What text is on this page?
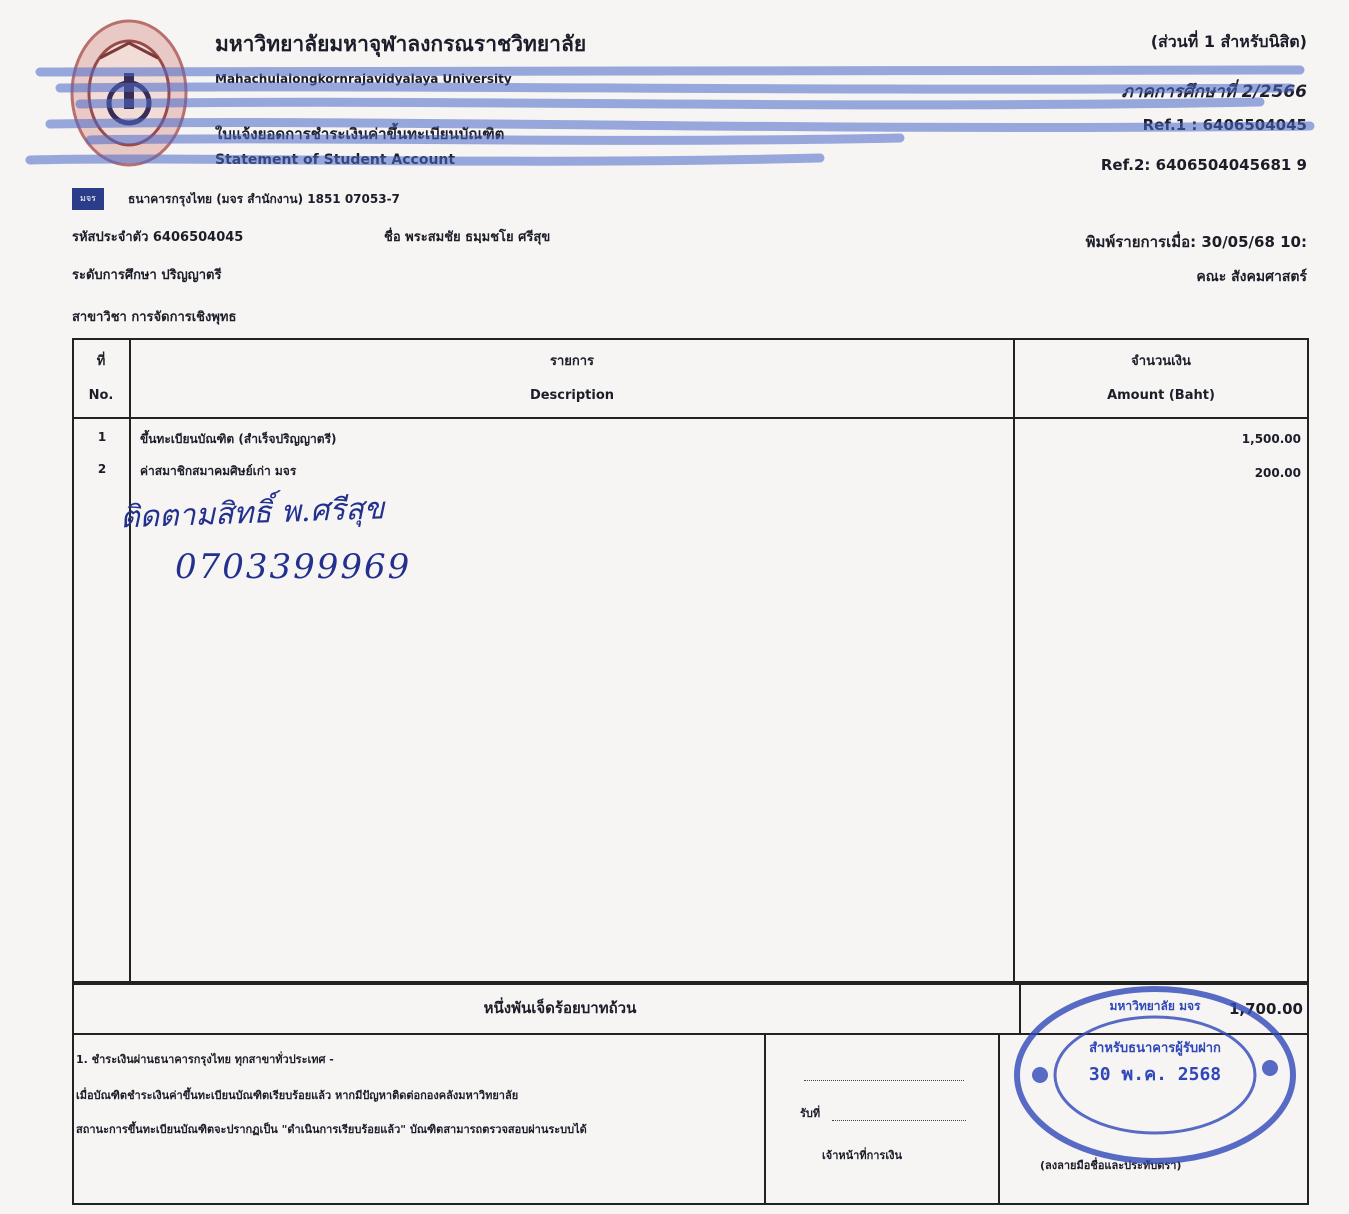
มหาวิทยาลัยมหาจุฬาลงกรณราชวิทยาลัย
Mahachulalongkornrajavidyalaya University
ใบแจ้งยอดการชำระเงินค่าขึ้นทะเบียนบัณฑิต
Statement of Student Account
(ส่วนที่ 1 สำหรับนิสิต)
ภาคการศึกษาที่ 2/2566
Ref.1 : 6406504045
Ref.2: 6406504045681 9
มจร	ธนาคารกรุงไทย (มจร สำนักงาน) 1851 07053-7
รหัสประจำตัว 6406504045	ชื่อ พระสมชัย ธมฺมชโย ศรีสุข	พิมพ์รายการเมื่อ: 30/05/68 10:
ระดับการศึกษา ปริญญาตรี	คณะ สังคมศาสตร์
สาขาวิชา การจัดการเชิงพุทธ
ที่
No.
รายการ
Description
จำนวนเงิน
Amount (Baht)
1	ขึ้นทะเบียนบัณฑิต (สำเร็จปริญญาตรี)	1,500.00
2	ค่าสมาชิกสมาคมศิษย์เก่า มจร	200.00
ติดตามสิทธิ์ พ.ศรีสุข
0703399969
หนึ่งพันเจ็ดร้อยบาทถ้วน	1,700.00
1. ชำระเงินผ่านธนาคารกรุงไทย ทุกสาขาทั่วประเทศ -
เมื่อบัณฑิตชำระเงินค่าขึ้นทะเบียนบัณฑิตเรียบร้อยแล้ว หากมีปัญหาติดต่อกองคลังมหาวิทยาลัย
สถานะการขึ้นทะเบียนบัณฑิตจะปรากฏเป็น "ดำเนินการเรียบร้อยแล้ว" บัณฑิตสามารถตรวจสอบผ่านระบบได้
รับที่
เจ้าหน้าที่การเงิน
(ลงลายมือชื่อและประทับตรา)
มหาวิทยาลัย มจร
สำหรับธนาคารผู้รับฝาก
30 พ.ค. 2568
